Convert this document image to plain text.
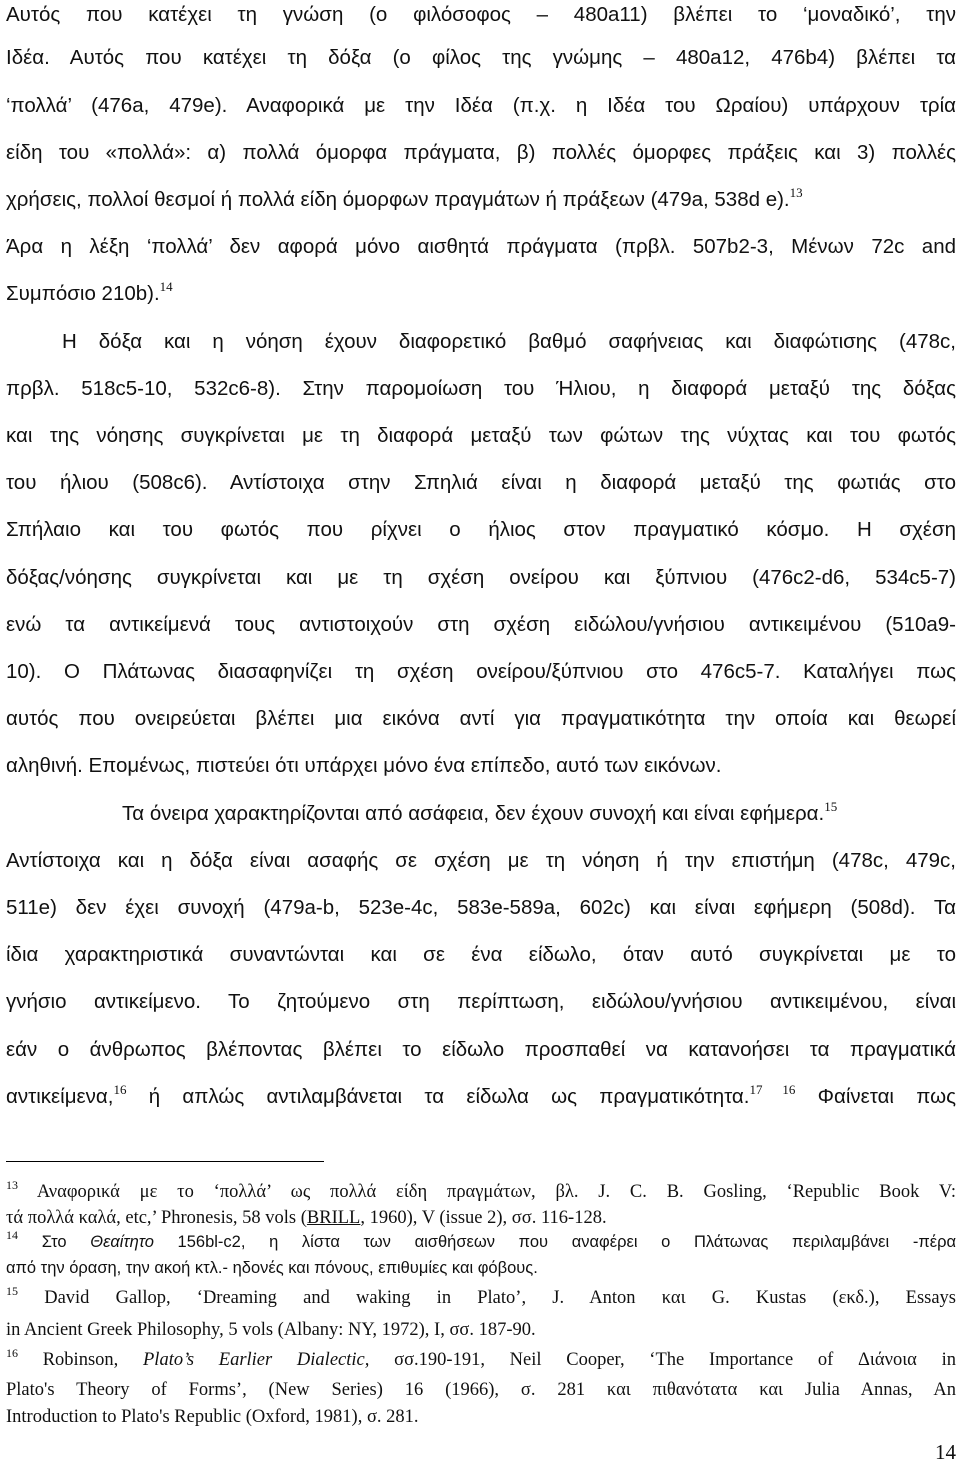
Αυτός που κατέχει τη γνώση (ο φιλόσοφος – 480a11) βλέπει το ‘μοναδικό’, την
Ιδέα. Αυτός που κατέχει τη δόξα (ο φίλος της γνώμης – 480a12, 476b4) βλέπει τα
‘πολλά’ (476a, 479e). Αναφορικά με την Ιδέα (π.χ. η Ιδέα του Ωραίου) υπάρχουν τρία
είδη του «πολλά»: α) πολλά όμορφα πράγματα, β) πολλές όμορφες πράξεις και 3) πολλές
χρήσεις, πολλοί θεσμοί ή πολλά είδη όμορφων πραγμάτων ή πράξεων (479a, 538d e).$^{13}$
Άρα η λέξη ‘πολλά’ δεν αφορά μόνο αισθητά πράγματα (πρβλ. 507b2-3, Μένων 72c and
Συμπόσιο 210b).$^{14}$
Η δόξα και η νόηση έχουν διαφορετικό βαθμό σαφήνειας και διαφώτισης (478c,
πρβλ. 518c5-10, 532c6-8). Στην παρομοίωση του Ήλιου, η διαφορά μεταξύ της δόξας
και της νόησης συγκρίνεται με τη διαφορά μεταξύ των φώτων της νύχτας και του φωτός
του ήλιου (508c6). Αντίστοιχα στην Σπηλιά είναι η διαφορά μεταξύ της φωτιάς στο
Σπήλαιο και του φωτός που ρίχνει ο ήλιος στον πραγματικό κόσμο. Η σχέση
δόξας/νόησης συγκρίνεται και με τη σχέση ονείρου και ξύπνιου (476c2-d6, 534c5-7)
ενώ τα αντικείμενά τους αντιστοιχούν στη σχέση ειδώλου/γνήσιου αντικειμένου (510a9-
10). Ο Πλάτωνας διασαφηνίζει τη σχέση ονείρου/ξύπνιου στο 476c5-7. Καταλήγει πως
αυτός που ονειρεύεται βλέπει μια εικόνα αντί για πραγματικότητα την οποία και θεωρεί
αληθινή. Επομένως, πιστεύει ότι υπάρχει μόνο ένα επίπεδο, αυτό των εικόνων.
Τα όνειρα χαρακτηρίζονται από ασάφεια, δεν έχουν συνοχή και είναι εφήμερα.$^{15}$
Αντίστοιχα και η δόξα είναι ασαφής σε σχέση με τη νόηση ή την επιστήμη (478c, 479c,
511e) δεν έχει συνοχή (479a-b, 523e-4c, 583e-589a, 602c) και είναι εφήμερη (508d). Τα
ίδια χαρακτηριστικά συναντώνται και σε ένα είδωλο, όταν αυτό συγκρίνεται με το
γνήσιο αντικείμενο. Το ζητούμενο στη περίπτωση, ειδώλου/γνήσιου αντικειμένου, είναι
εάν ο άνθρωπος βλέποντας βλέπει το είδωλο προσπαθεί να κατανοήσει τα πραγματικά
αντικείμενα,$^{16}$ ή απλώς αντιλαμβάνεται τα είδωλα ως πραγματικότητα.$^{17 16}$ Φαίνεται πως
$^{13}$ Αναφορικά με το ‘πολλά’ ως πολλά είδη πραγμάτων, βλ. J. C. B. Gosling, ‘Republic Book V:
τά πολλά καλά, etc,’ Phronesis, 58 vols (BRILL, 1960), V (issue 2), σσ. 116-128.
$^{14}$ Στο Θεαίτητο 156bl-c2, η λίστα των αισθήσεων που αναφέρει ο Πλάτωνας περιλαμβάνει -πέρα
από την όραση, την ακοή κτλ.- ηδονές και πόνους, επιθυμίες και φόβους.
$^{15}$ David Gallop, ‘Dreaming and waking in Plato’, J. Anton και G. Kustas (εκδ.), Essays
in Ancient Greek Philosophy, 5 vols (Albany: NY, 1972), I, σσ. 187-90.
$^{16}$ Robinson, Plato’s Earlier Dialectic, σσ.190-191, Neil Cooper, ‘The Importance of Διάνοια in
Plato's Theory of Forms’, (New Series) 16 (1966), σ. 281 και πιθανότατα και Julia Annas, An
Introduction to Plato's Republic (Oxford, 1981), σ. 281.
14
